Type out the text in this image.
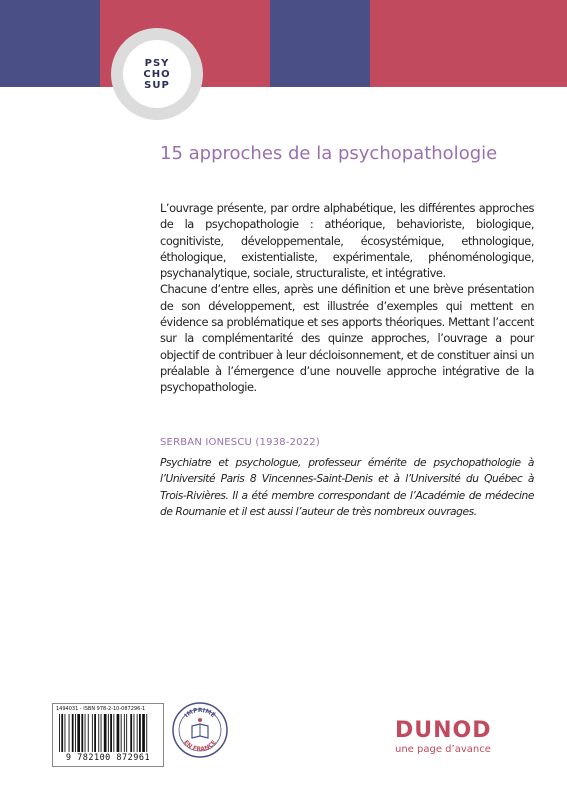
PSY
CHO
SUP
15 approches de la psychopathologie

L’ouvrage présente, par ordre alphabétique, les différentes approches de la psychopathologie : athéorique, behavioriste, biologique, cognitiviste, développementale, écosystémique, ethnologique, éthologique, existentialiste, expérimentale, phénoménologique, psychanalytique, sociale, structuraliste, et intégrative.

Chacune d’entre elles, après une définition et une brève présentation de son développement, est illustrée d’exemples qui mettent en évidence sa problématique et ses apports théoriques. Mettant l’accent sur la complémentarité des quinze approches, l’ouvrage a pour objectif de contribuer à leur décloisonnement, et de constituer ainsi un préalable à l’émergence d’une nouvelle approche intégrative de la psychopathologie.

SERBAN IONESCU (1938-2022)
Psychiatre et psychologue, professeur émérite de psychopathologie à l’Université Paris 8 Vincennes-Saint-Denis et à l’Université du Québec à Trois-Rivières. Il a été membre correspondant de l’Académie de médecine de Roumanie et il est aussi l’auteur de très nombreux ouvrages.
1494031 - ISBN 978-2-10-087296-1
9 782100 872961
IMPRIMÉ
EN FRANCE	DUNOD
une page d’avance
